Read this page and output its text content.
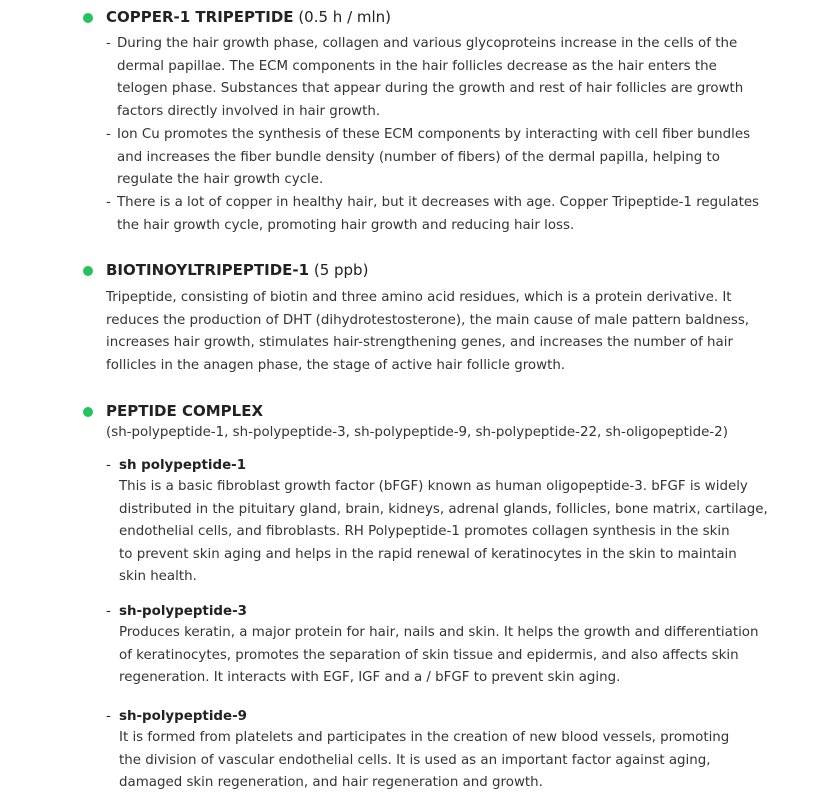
COPPER-1 TRIPEPTIDE (0.5 h / mln)
- During the hair growth phase, collagen and various glycoproteins increase in the cells of the
dermal papillae. The ECM components in the hair follicles decrease as the hair enters the
telogen phase. Substances that appear during the growth and rest of hair follicles are growth
factors directly involved in hair growth.
- Ion Cu promotes the synthesis of these ECM components by interacting with cell fiber bundles
and increases the fiber bundle density (number of fibers) of the dermal papilla, helping to
regulate the hair growth cycle.
- There is a lot of copper in healthy hair, but it decreases with age. Copper Tripeptide-1 regulates
the hair growth cycle, promoting hair growth and reducing hair loss.
BIOTINOYLTRIPEPTIDE-1 (5 ppb)
Tripeptide, consisting of biotin and three amino acid residues, which is a protein derivative. It
reduces the production of DHT (dihydrotestosterone), the main cause of male pattern baldness,
increases hair growth, stimulates hair-strengthening genes, and increases the number of hair
follicles in the anagen phase, the stage of active hair follicle growth.
PEPTIDE COMPLEX
(sh-polypeptide-1, sh-polypeptide-3, sh-polypeptide-9, sh-polypeptide-22, sh-oligopeptide-2)
- sh polypeptide-1
This is a basic fibroblast growth factor (bFGF) known as human oligopeptide-3. bFGF is widely
distributed in the pituitary gland, brain, kidneys, adrenal glands, follicles, bone matrix, cartilage,
endothelial cells, and fibroblasts. RH Polypeptide-1 promotes collagen synthesis in the skin
to prevent skin aging and helps in the rapid renewal of keratinocytes in the skin to maintain
skin health.
- sh-polypeptide-3
Produces keratin, a major protein for hair, nails and skin. It helps the growth and differentiation
of keratinocytes, promotes the separation of skin tissue and epidermis, and also affects skin
regeneration. It interacts with EGF, IGF and a / bFGF to prevent skin aging.
- sh-polypeptide-9
It is formed from platelets and participates in the creation of new blood vessels, promoting
the division of vascular endothelial cells. It is used as an important factor against aging,
damaged skin regeneration, and hair regeneration and growth.
